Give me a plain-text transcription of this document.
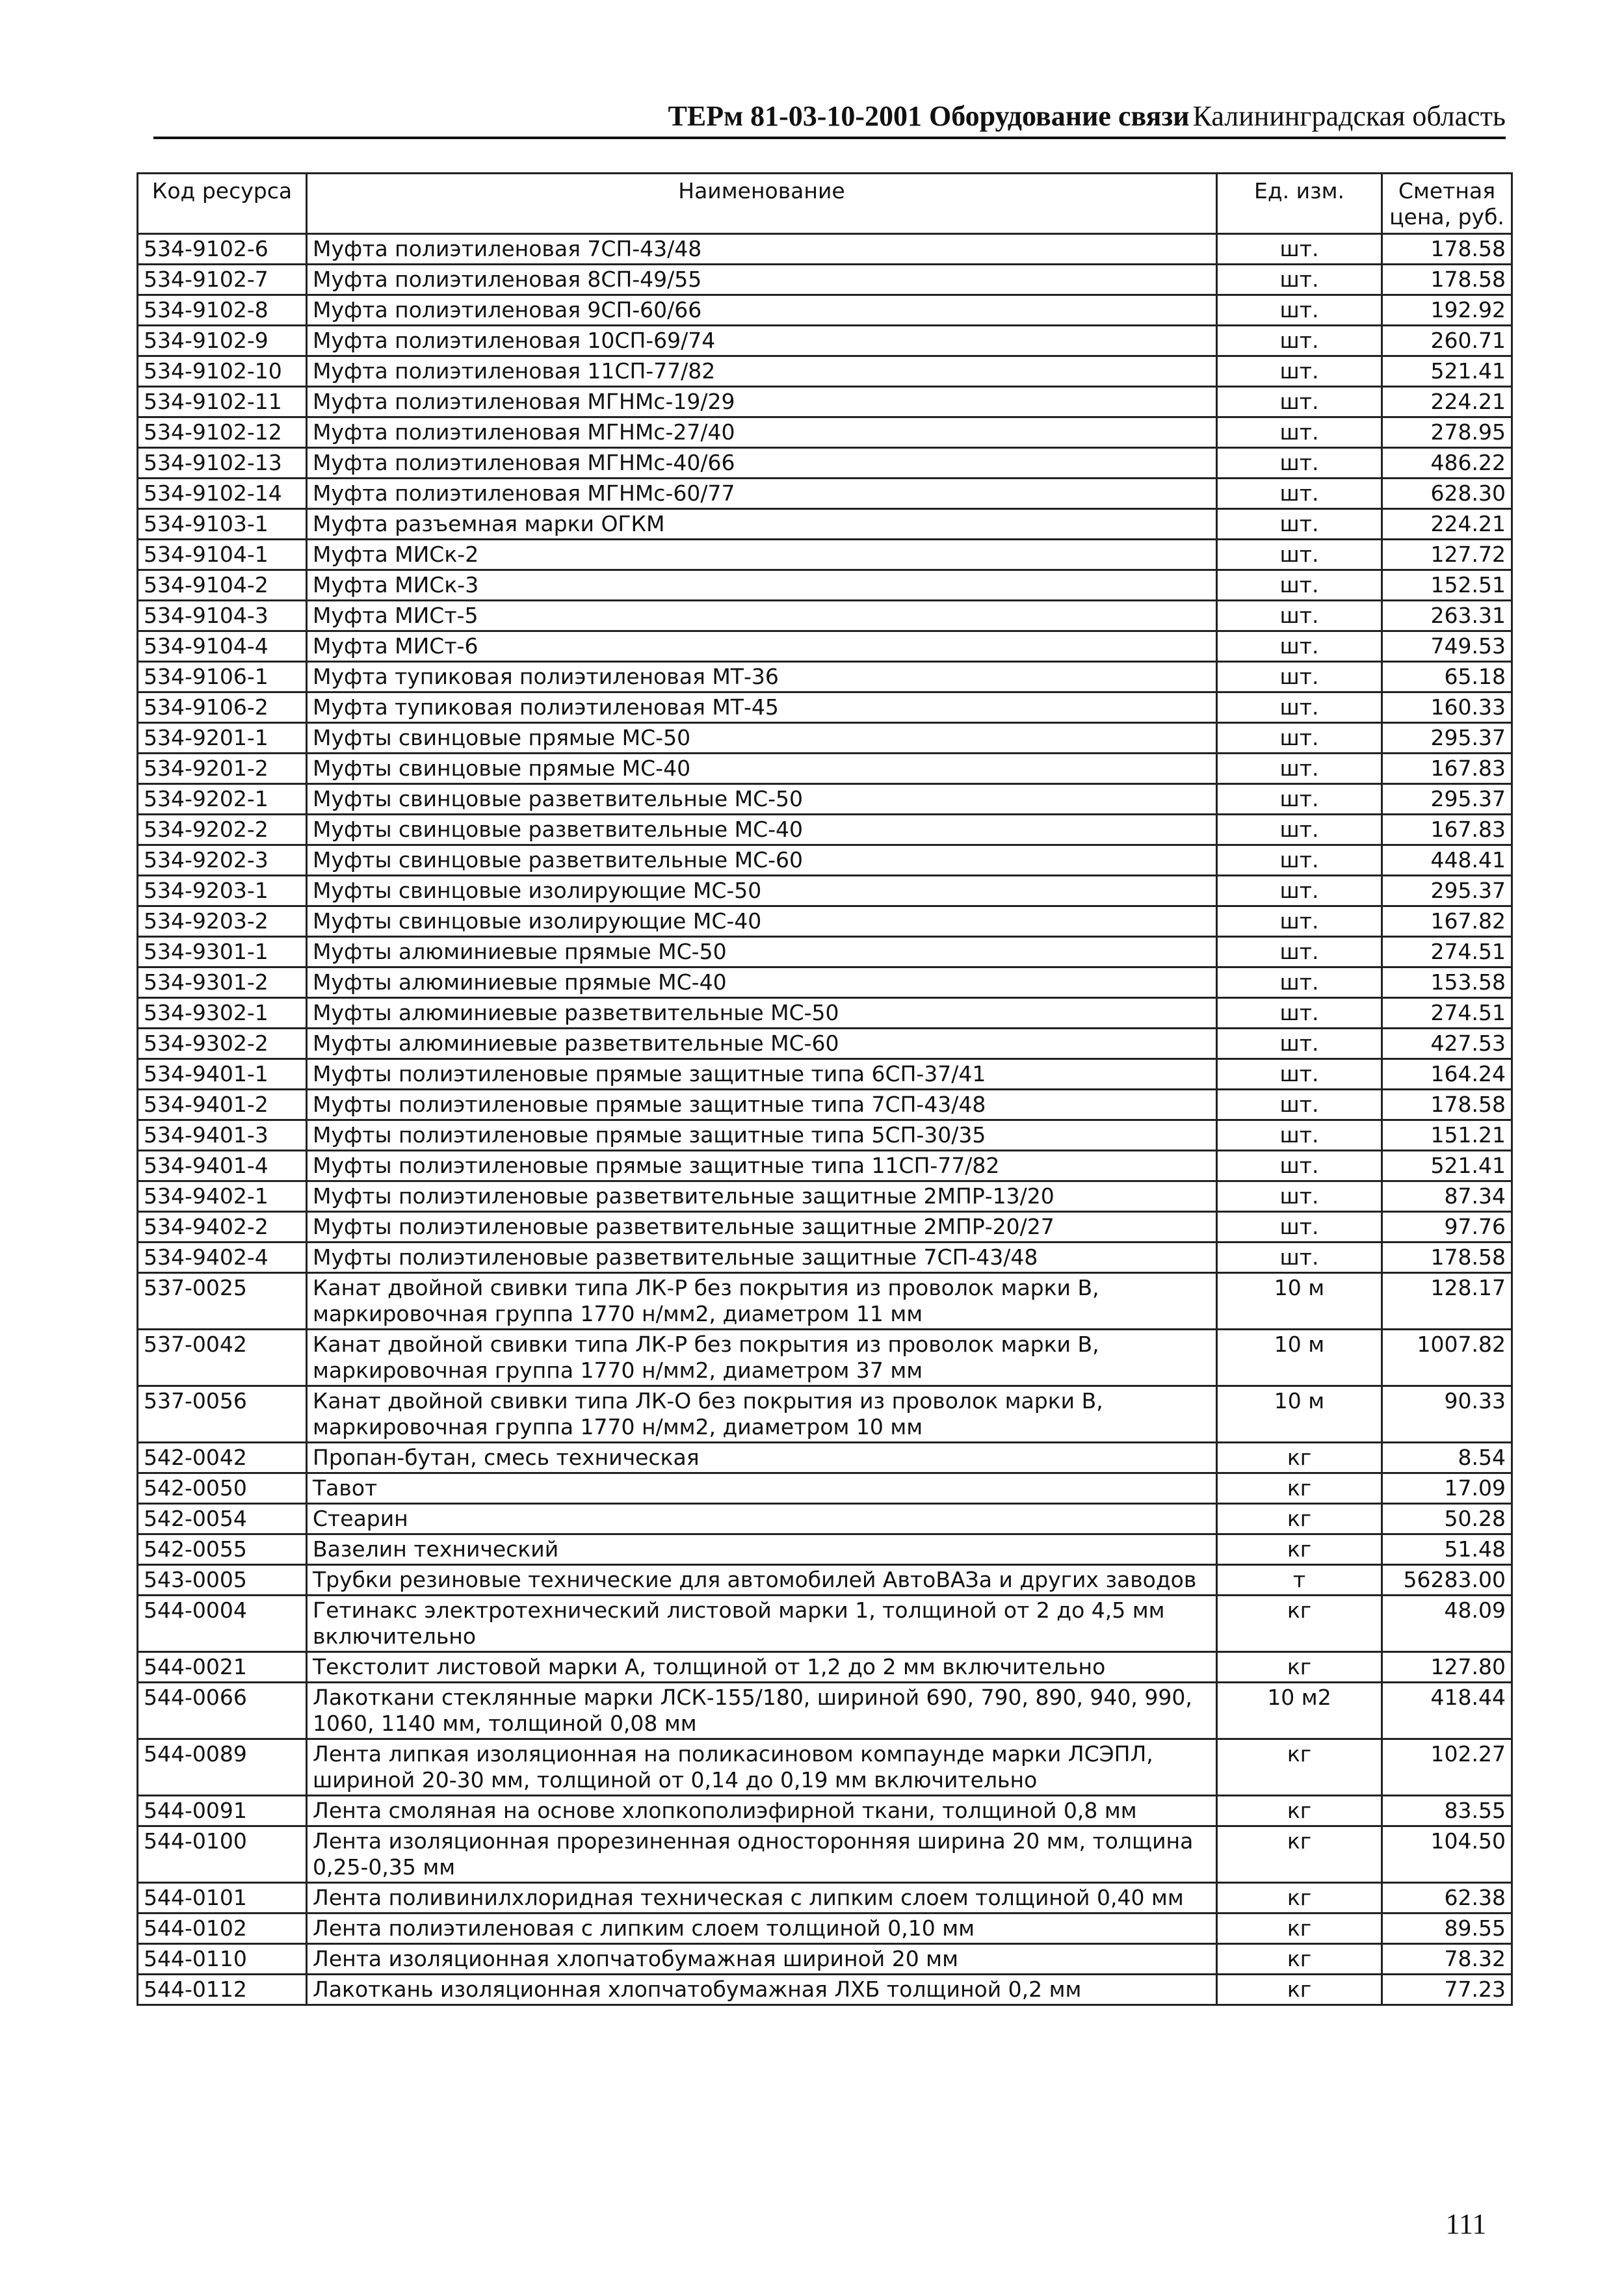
ТЕРм 81-03-10-2001 Оборудование связи Калининградская область
Код ресурса	Наименование	Ед. изм.	Сметная цена, руб.
534-9102-6	Муфта полиэтиленовая 7СП-43/48	шт.	178.58
534-9102-7	Муфта полиэтиленовая 8СП-49/55	шт.	178.58
534-9102-8	Муфта полиэтиленовая 9СП-60/66	шт.	192.92
534-9102-9	Муфта полиэтиленовая 10СП-69/74	шт.	260.71
534-9102-10	Муфта полиэтиленовая 11СП-77/82	шт.	521.41
534-9102-11	Муфта полиэтиленовая МГНМс-19/29	шт.	224.21
534-9102-12	Муфта полиэтиленовая МГНМс-27/40	шт.	278.95
534-9102-13	Муфта полиэтиленовая МГНМс-40/66	шт.	486.22
534-9102-14	Муфта полиэтиленовая МГНМс-60/77	шт.	628.30
534-9103-1	Муфта разъемная марки ОГКМ	шт.	224.21
534-9104-1	Муфта МИСк-2	шт.	127.72
534-9104-2	Муфта МИСк-3	шт.	152.51
534-9104-3	Муфта МИСт-5	шт.	263.31
534-9104-4	Муфта МИСт-6	шт.	749.53
534-9106-1	Муфта тупиковая полиэтиленовая МТ-36	шт.	65.18
534-9106-2	Муфта тупиковая полиэтиленовая МТ-45	шт.	160.33
534-9201-1	Муфты свинцовые прямые МС-50	шт.	295.37
534-9201-2	Муфты свинцовые прямые МС-40	шт.	167.83
534-9202-1	Муфты свинцовые разветвительные МС-50	шт.	295.37
534-9202-2	Муфты свинцовые разветвительные МС-40	шт.	167.83
534-9202-3	Муфты свинцовые разветвительные МС-60	шт.	448.41
534-9203-1	Муфты свинцовые изолирующие МС-50	шт.	295.37
534-9203-2	Муфты свинцовые изолирующие МС-40	шт.	167.82
534-9301-1	Муфты алюминиевые прямые МС-50	шт.	274.51
534-9301-2	Муфты алюминиевые прямые МС-40	шт.	153.58
534-9302-1	Муфты алюминиевые разветвительные МС-50	шт.	274.51
534-9302-2	Муфты алюминиевые разветвительные МС-60	шт.	427.53
534-9401-1	Муфты полиэтиленовые прямые защитные типа 6СП-37/41	шт.	164.24
534-9401-2	Муфты полиэтиленовые прямые защитные типа 7СП-43/48	шт.	178.58
534-9401-3	Муфты полиэтиленовые прямые защитные типа 5СП-30/35	шт.	151.21
534-9401-4	Муфты полиэтиленовые прямые защитные типа 11СП-77/82	шт.	521.41
534-9402-1	Муфты полиэтиленовые разветвительные защитные 2МПР-13/20	шт.	87.34
534-9402-2	Муфты полиэтиленовые разветвительные защитные 2МПР-20/27	шт.	97.76
534-9402-4	Муфты полиэтиленовые разветвительные защитные 7СП-43/48	шт.	178.58
537-0025	Канат двойной свивки типа ЛК-Р без покрытия из проволок марки В, маркировочная группа 1770 н/мм2, диаметром 11 мм	10 м	128.17
537-0042	Канат двойной свивки типа ЛК-Р без покрытия из проволок марки В, маркировочная группа 1770 н/мм2, диаметром 37 мм	10 м	1007.82
537-0056	Канат двойной свивки типа ЛК-О без покрытия из проволок марки В, маркировочная группа 1770 н/мм2, диаметром 10 мм	10 м	90.33
542-0042	Пропан-бутан, смесь техническая	кг	8.54
542-0050	Тавот	кг	17.09
542-0054	Стеарин	кг	50.28
542-0055	Вазелин технический	кг	51.48
543-0005	Трубки резиновые технические для автомобилей АвтоВАЗа и других заводов	т	56283.00
544-0004	Гетинакс электротехнический листовой марки 1, толщиной от 2 до 4,5 мм включительно	кг	48.09
544-0021	Текстолит листовой марки А, толщиной от 1,2 до 2 мм включительно	кг	127.80
544-0066	Лакоткани стеклянные марки ЛСК-155/180, шириной 690, 790, 890, 940, 990, 1060, 1140 мм, толщиной 0,08 мм	10 м2	418.44
544-0089	Лента липкая изоляционная на поликасиновом компаунде марки ЛСЭПЛ, шириной 20-30 мм, толщиной от 0,14 до 0,19 мм включительно	кг	102.27
544-0091	Лента смоляная на основе хлопкополиэфирной ткани, толщиной 0,8 мм	кг	83.55
544-0100	Лента изоляционная прорезиненная односторонняя ширина 20 мм, толщина 0,25-0,35 мм	кг	104.50
544-0101	Лента поливинилхлоридная техническая с липким слоем толщиной 0,40 мм	кг	62.38
544-0102	Лента полиэтиленовая с липким слоем толщиной 0,10 мм	кг	89.55
544-0110	Лента изоляционная хлопчатобумажная шириной 20 мм	кг	78.32
544-0112	Лакоткань изоляционная хлопчатобумажная ЛХБ толщиной 0,2 мм	кг	77.23
111
